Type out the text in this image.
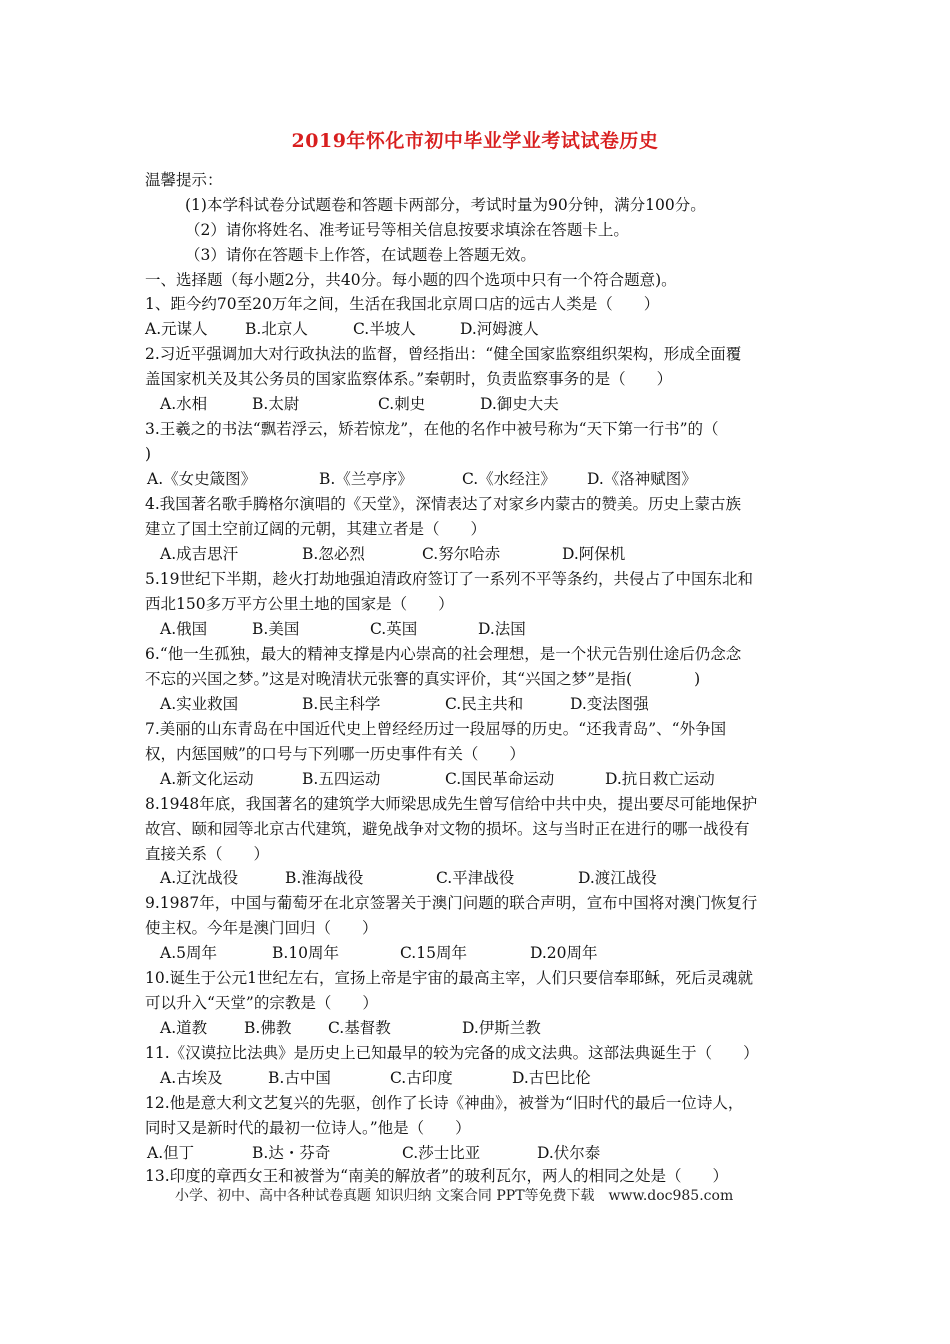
2019年怀化市初中毕业学业考试试卷历史
温馨提示：
(1)本学科试卷分试题卷和答题卡两部分，考试时量为90分钟，满分100分。
（2）请你将姓名、准考证号等相关信息按要求填涂在答题卡上。
（3）请你在答题卡上作答，在试题卷上答题无效。
一、选择题（每小题2分，共40分。每小题的四个选项中只有一个符合题意)。
1、距今约70至20万年之间，生活在我国北京周口店的远古人类是（　　）
A.元谋人 B.北京人	C.半坡人	D.河姆渡人
2.习近平强调加大对行政执法的监督，曾经指出：“健全国家监察组织架构，形成全面覆
盖国家机关及其公务员的国家监察体系。”秦朝时，负责监察事务的是（　　）
A.水相	B.太尉	C.刺史	D.御史大夫
3.王羲之的书法“飘若浮云，矫若惊龙”，在他的名作中被号称为“天下第一行书”的（
)
A.《女史箴图》	B.《兰亭序》	C.《水经注》 D.《洛神赋图》
4.我国著名歌手腾格尔演唱的《天堂》，深情表达了对家乡内蒙古的赞美。历史上蒙古族
建立了国土空前辽阔的元朝，其建立者是（　　）
A.成吉思汗	B.忽必烈	C.努尔哈赤	D.阿保机
5.19世纪下半期，趁火打劫地强迫清政府签订了一系列不平等条约，共侵占了中国东北和
西北150多万平方公里土地的国家是（　　）
A.俄国	B.美国	C.英国	D.法国
6.“他一生孤独，最大的精神支撑是内心崇高的社会理想，是一个状元告别仕途后仍念念
不忘的兴国之梦。”这是对晚清状元张謇的真实评价，其“兴国之梦”是指(　　　　)
A.实业救国	B.民主科学	C.民主共和	D.变法图强
7.美丽的山东青岛在中国近代史上曾经经历过一段屈辱的历史。“还我青岛”、“外争国
权，内惩国贼”的口号与下列哪一历史事件有关（　　）
A.新文化运动	B.五四运动	C.国民革命运动	D.抗日救亡运动
8.1948年底，我国著名的建筑学大师梁思成先生曾写信给中共中央，提出要尽可能地保护
故宫、颐和园等北京古代建筑，避免战争对文物的损坏。这与当时正在进行的哪一战役有
直接关系（　　）
A.辽沈战役	B.淮海战役	C.平津战役	D.渡江战役
9.1987年，中国与葡萄牙在北京签署关于澳门问题的联合声明，宣布中国将对澳门恢复行
使主权。今年是澳门回归（　　）
A.5周年	B.10周年	C.15周年	D.20周年
10.诞生于公元1世纪左右，宣扬上帝是宇宙的最高主宰，人们只要信奉耶稣，死后灵魂就
可以升入“天堂”的宗教是（　　）
A.道教 B.佛教 C.基督教	D.伊斯兰教
11.《汉谟拉比法典》是历史上已知最早的较为完备的成文法典。这部法典诞生于（　　）
A.古埃及	B.古中国	C.古印度	D.古巴比伦
12.他是意大利文艺复兴的先驱，创作了长诗《神曲》，被誉为“旧时代的最后一位诗人，
同时又是新时代的最初一位诗人。”他是（　　）
A.但丁	B.达・芬奇	C.莎士比亚	D.伏尔泰
13.印度的章西女王和被誉为“南美的解放者”的玻利瓦尔，两人的相同之处是（　　）
小学、初中、高中各种试卷真题 知识归纳 文案合同 PPT等免费下载　www.doc985.com
